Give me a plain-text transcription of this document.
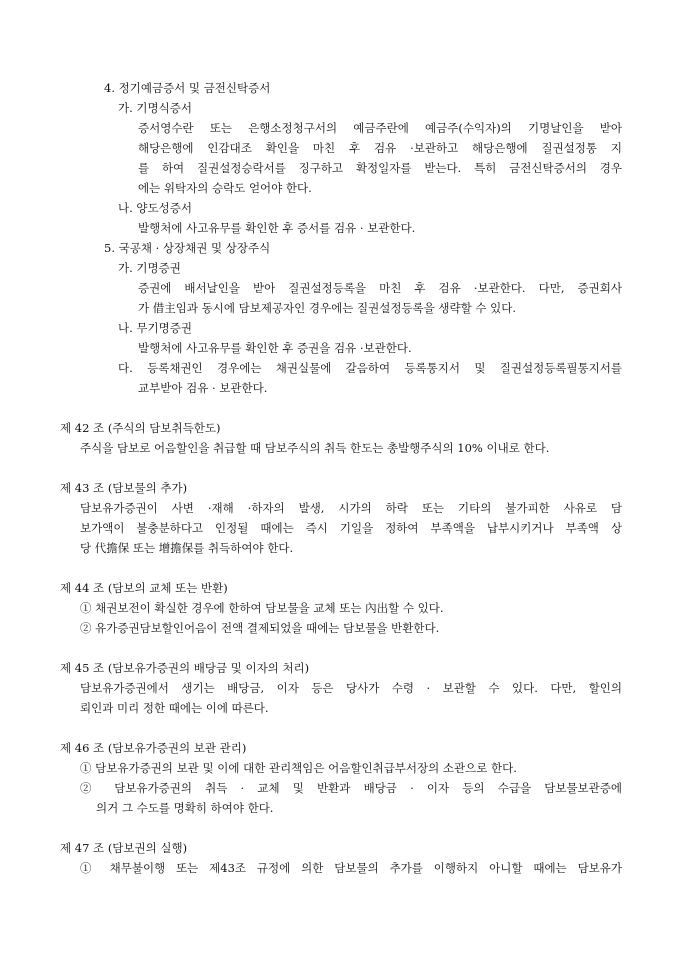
4. 정기예금증서 및 금전신탁증서
가. 기명식증서
증서영수란 또는 은행소정청구서의 예금주란에 예금주(수익자)의 기명날인을 받아
해당은행에 인감대조 확인을 마친 후 검유 ·보관하고 해당은행에 질권설정통 지
를 하여 질권설정승락서를 징구하고 확정일자를 받는다. 특히 금전신탁증서의 경우
에는 위탁자의 승락도 얻어야 한다.
나. 양도성증서
발행처에 사고유무를 확인한 후 증서를 검유 · 보관한다.
5. 국공채 · 상장채권 및 상장주식
가. 기명증권
증권에 배서날인을 받아 질권설정등록을 마친 후 검유 ·보관한다. 다만, 증권회사
가 借主임과 동시에 담보제공자인 경우에는 질권설정등록을 생략할 수 있다.
나. 무기명증권
발행처에 사고유무를 확인한 후 증권을 검유 ·보관한다.
다. 등록채권인 경우에는 채권실물에 갈음하여 등록통지서 및 질권설정등록필통지서를
교부받아 검유 · 보관한다.
제 42 조 (주식의 담보취득한도)
주식을 담보로 어음할인을 취급할 때 담보주식의 취득 한도는 총발행주식의 10% 이내로 한다.
제 43 조 (담보물의 추가)
담보유가증권이 사변 ·재해 ·하자의 발생, 시가의 하락 또는 기타의 불가피한 사유로 담
보가액이 불충분하다고 인정될 때에는 즉시 기일을 정하여 부족액을 납부시키거나 부족액 상
당 代擔保 또는 增擔保를 취득하여야 한다.
제 44 조 (담보의 교체 또는 반환)
① 채권보전이 확실한 경우에 한하여 담보물을 교체 또는 內出할 수 있다.
② 유가증권담보할인어음이 전액 결제되었을 때에는 담보물을 반환한다.
제 45 조 (담보유가증권의 배당금 및 이자의 처리)
담보유가증권에서 생기는 배당금, 이자 등은 당사가 수령 · 보관할 수 있다. 다만, 할인의
뢰인과 미리 정한 때에는 이에 따른다.
제 46 조 (담보유가증권의 보관 관리)
① 담보유가증권의 보관 및 이에 대한 관리책임은 어음할인취급부서장의 소관으로 한다.
② 담보유가증권의 취득 · 교체 및 반환과 배당금 · 이자 등의 수급을 담보물보관증에
의거 그 수도를 명확히 하여야 한다.
제 47 조 (담보권의 실행)
① 채무불이행 또는 제43조 규정에 의한 담보물의 추가를 이행하지 아니할 때에는 담보유가
